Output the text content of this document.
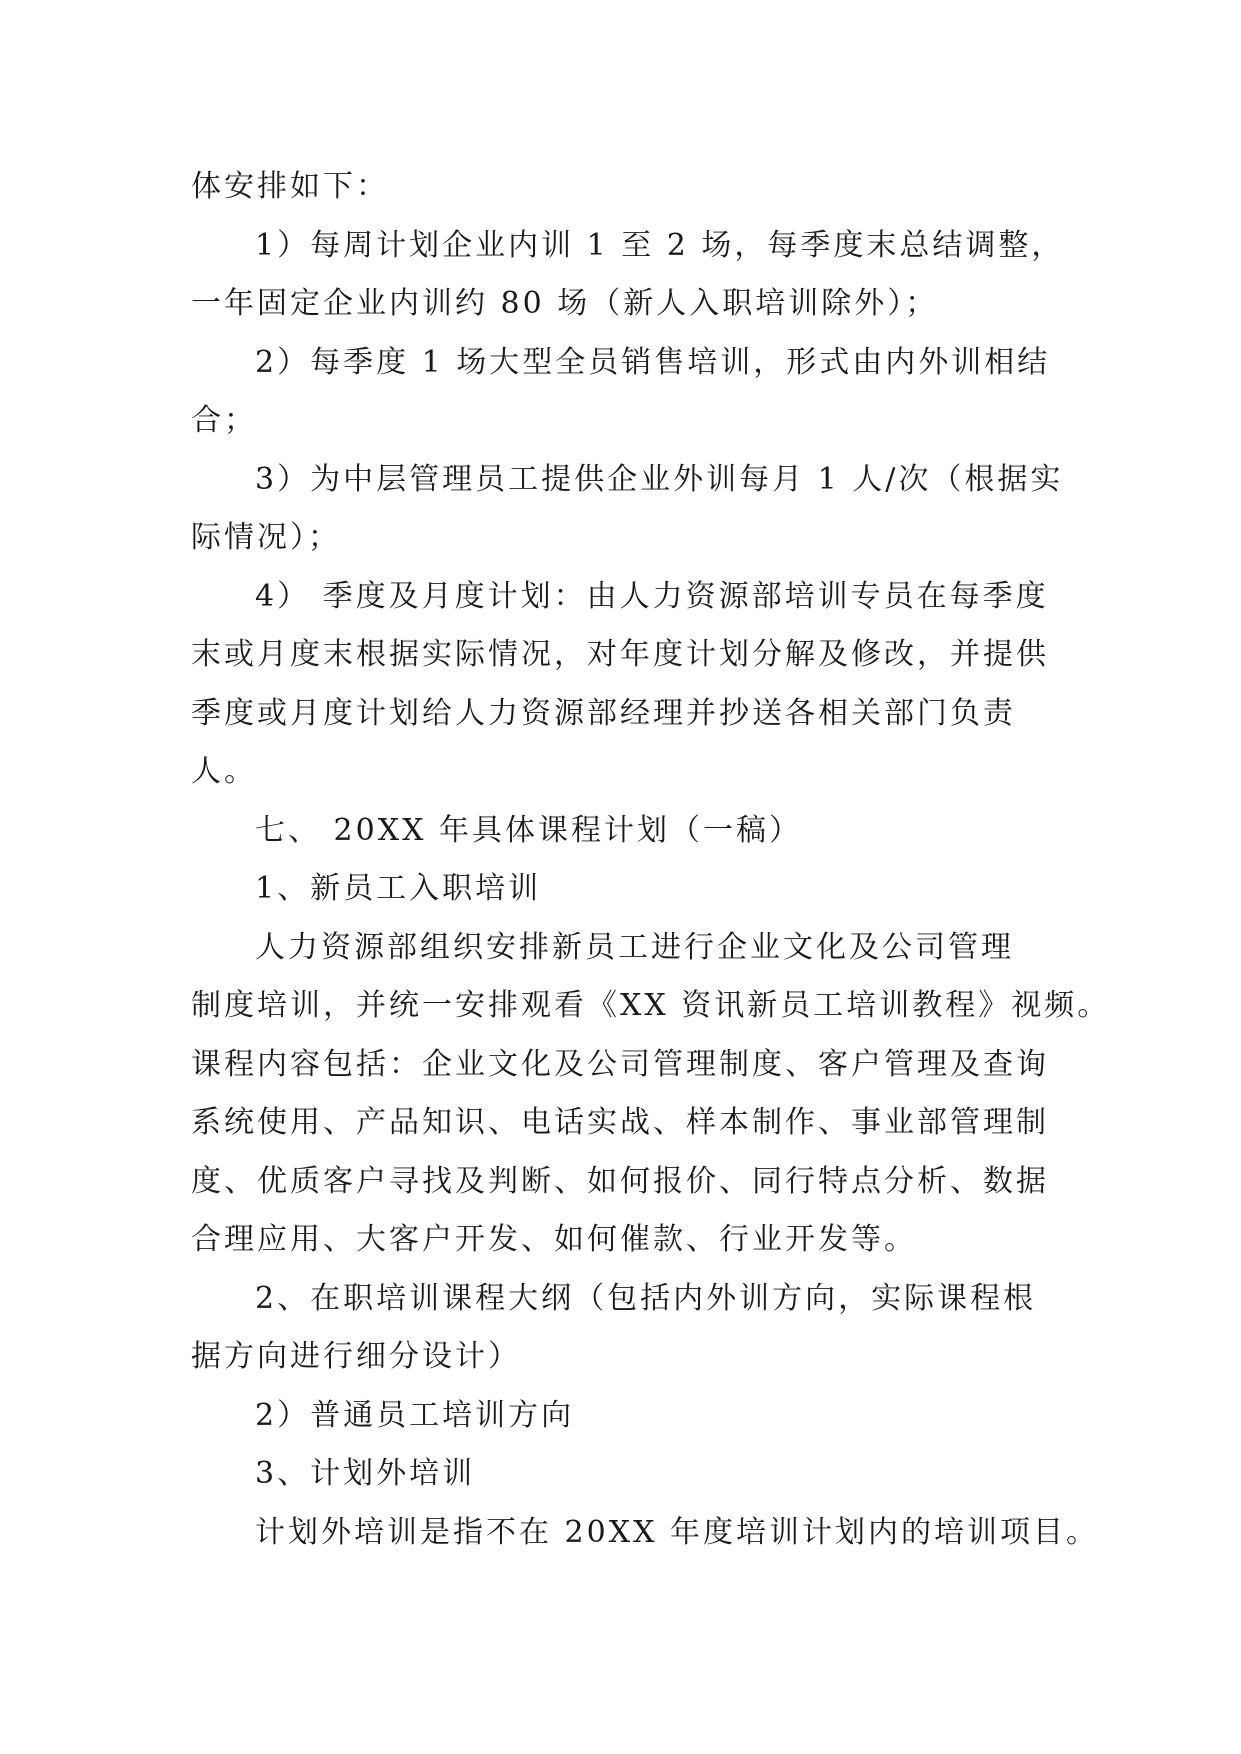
体安排如下：
1）每周计划企业内训 1 至 2 场，每季度末总结调整，
一年固定企业内训约 80 场（新人入职培训除外）；
2）每季度 1 场大型全员销售培训，形式由内外训相结
合；
3）为中层管理员工提供企业外训每月 1 人/次（根据实
际情况）；
4） 季度及月度计划：由人力资源部培训专员在每季度
末或月度末根据实际情况，对年度计划分解及修改，并提供
季度或月度计划给人力资源部经理并抄送各相关部门负责
人。
七、 20XX 年具体课程计划（一稿）
1、新员工入职培训
人力资源部组织安排新员工进行企业文化及公司管理
制度培训，并统一安排观看《XX 资讯新员工培训教程》视频。
课程内容包括：企业文化及公司管理制度、客户管理及查询
系统使用、产品知识、电话实战、样本制作、事业部管理制
度、优质客户寻找及判断、如何报价、同行特点分析、数据
合理应用、大客户开发、如何催款、行业开发等。
2、在职培训课程大纲（包括内外训方向，实际课程根
据方向进行细分设计）
2）普通员工培训方向
3、计划外培训
计划外培训是指不在 20XX 年度培训计划内的培训项目。
